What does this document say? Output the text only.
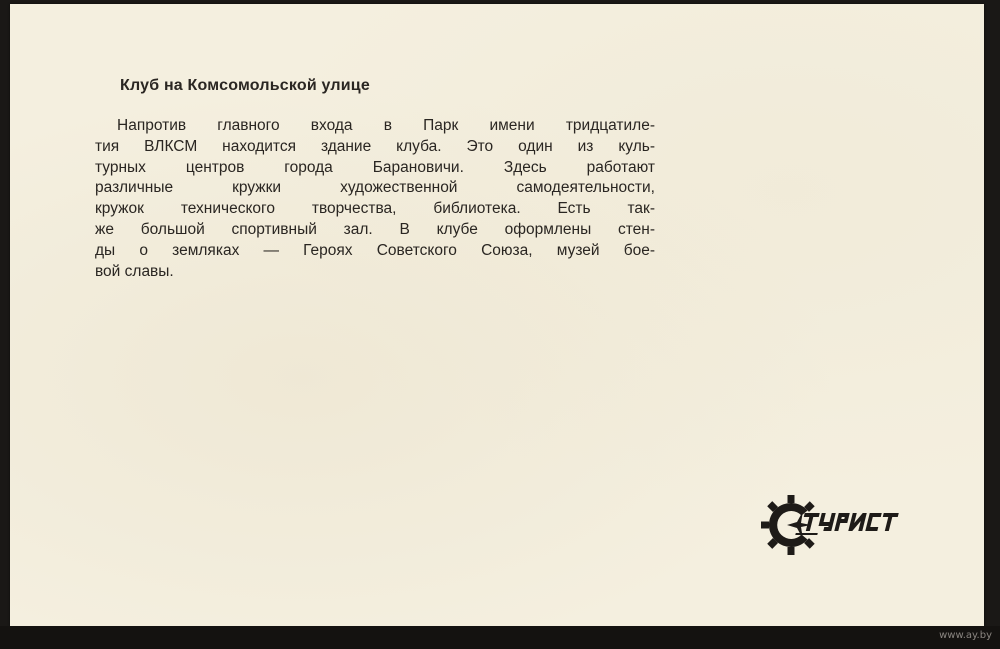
Клуб на Комсомольской улице
Напротив главного входа в Парк имени тридцатиле-
тия ВЛКСМ находится здание клуба. Это один из куль-
турных центров города Барановичи. Здесь работают
различные кружки художественной самодеятельности,
кружок технического творчества, библиотека. Есть так-
же большой спортивный зал. В клубе оформлены стен-
ды о земляках — Героях Советского Союза, музей бое-
вой славы.
www.ay.by
